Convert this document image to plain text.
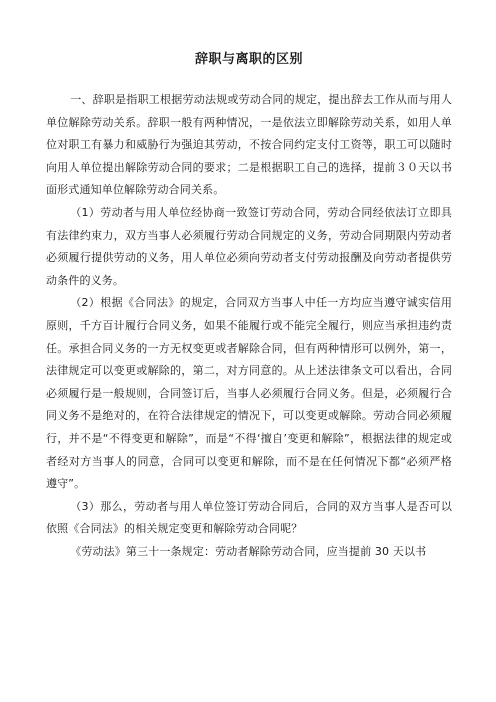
辞职与离职的区别

一、辞职是指职工根据劳动法规或劳动合同的规定，提出辞去工作从而与用人单位解除劳动关系。辞职一般有两种情况，一是依法立即解除劳动关系，如用人单位对职工有暴力和威胁行为强迫其劳动，不按合同约定支付工资等，职工可以随时向用人单位提出解除劳动合同的要求；二是根据职工自己的选择，提前３０天以书面形式通知单位解除劳动合同关系。

（1）劳动者与用人单位经协商一致签订劳动合同，劳动合同经依法订立即具有法律约束力，双方当事人必须履行劳动合同规定的义务，劳动合同期限内劳动者必须履行提供劳动的义务，用人单位必须向劳动者支付劳动报酬及向劳动者提供劳动条件的义务。

（2）根据《合同法》的规定，合同双方当事人中任一方均应当遵守诚实信用原则，千方百计履行合同义务，如果不能履行或不能完全履行，则应当承担违约责任。承担合同义务的一方无权变更或者解除合同，但有两种情形可以例外，第一，法律规定可以变更或解除的，第二，对方同意的。从上述法律条文可以看出，合同必须履行是一般规则，合同签订后，当事人必须履行合同义务。但是，必须履行合同义务不是绝对的，在符合法律规定的情况下，可以变更或解除。劳动合同必须履行，并不是“不得变更和解除”，而是“不得‘擅自’变更和解除”，根据法律的规定或者经对方当事人的同意，合同可以变更和解除，而不是在任何情况下都“必须严格遵守”。

（3）那么，劳动者与用人单位签订劳动合同后，合同的双方当事人是否可以依照《合同法》的相关规定变更和解除劳动合同呢？

《劳动法》第三十一条规定：劳动者解除劳动合同，应当提前 30 天以书
